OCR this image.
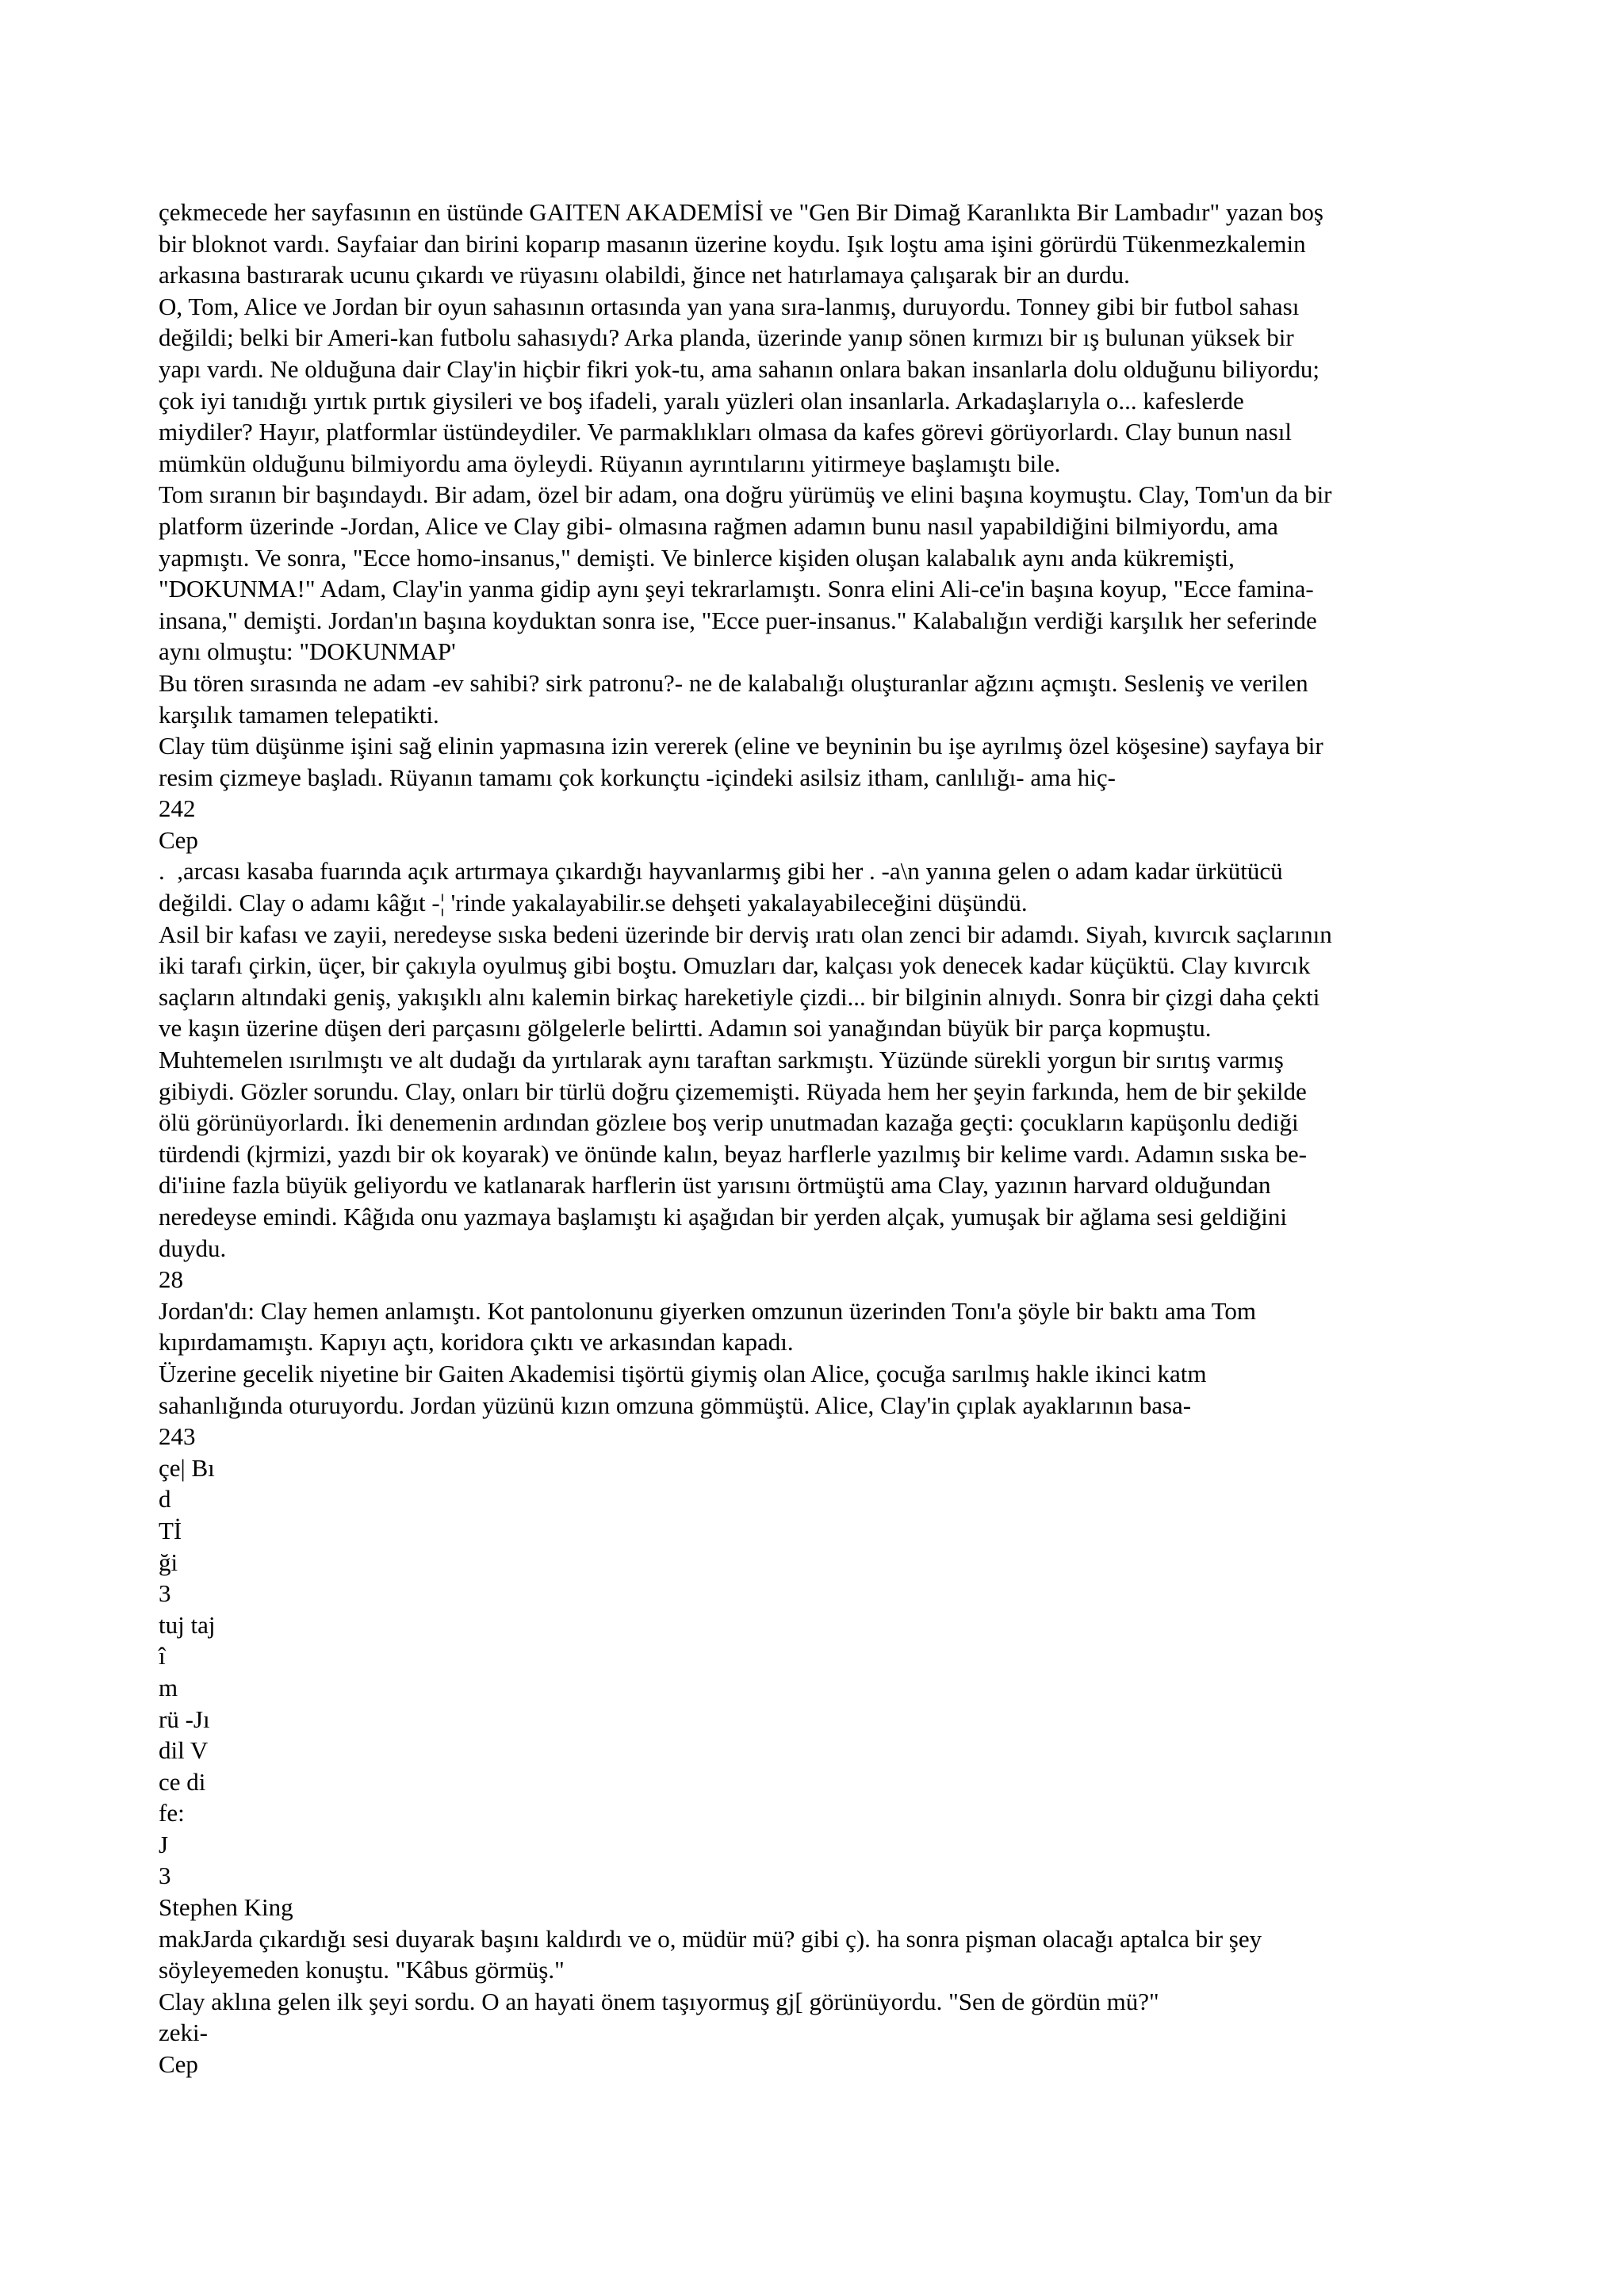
çekmecede her sayfasının en üstünde GAITEN AKADEMİSİ ve "Gen Bir Dimağ Karanlıkta Bir Lambadır" yazan boş
bir bloknot vardı. Sayfaiar dan birini koparıp masanın üzerine koydu. Işık loştu ama işini görürdü Tükenmezkalemin
arkasına bastırarak ucunu çıkardı ve rüyasını olabildi, ğince net hatırlamaya çalışarak bir an durdu.
O, Tom, Alice ve Jordan bir oyun sahasının ortasında yan yana sıra-lanmış, duruyordu. Tonney gibi bir futbol sahası
değildi; belki bir Ameri-kan futbolu sahasıydı? Arka planda, üzerinde yanıp sönen kırmızı bir ış bulunan yüksek bir
yapı vardı. Ne olduğuna dair Clay'in hiçbir fikri yok-tu, ama sahanın onlara bakan insanlarla dolu olduğunu biliyordu;
çok iyi tanıdığı yırtık pırtık giysileri ve boş ifadeli, yaralı yüzleri olan insanlarla. Arkadaşlarıyla o... kafeslerde
miydiler? Hayır, platformlar üstündeydiler. Ve parmaklıkları olmasa da kafes görevi görüyorlardı. Clay bunun nasıl
mümkün olduğunu bilmiyordu ama öyleydi. Rüyanın ayrıntılarını yitirmeye başlamıştı bile.
Tom sıranın bir başındaydı. Bir adam, özel bir adam, ona doğru yürümüş ve elini başına koymuştu. Clay, Tom'un da bir
platform üzerinde -Jordan, Alice ve Clay gibi- olmasına rağmen adamın bunu nasıl yapabildiğini bilmiyordu, ama
yapmıştı. Ve sonra, "Ecce homo-insanus," demişti. Ve binlerce kişiden oluşan kalabalık aynı anda kükremişti,
"DOKUNMA!" Adam, Clay'in yanma gidip aynı şeyi tekrarlamıştı. Sonra elini Ali-ce'in başına koyup, "Ecce famina-
insana," demişti. Jordan'ın başına koyduktan sonra ise, "Ecce puer-insanus." Kalabalığın verdiği karşılık her seferinde
aynı olmuştu: "DOKUNMAP'
Bu tören sırasında ne adam -ev sahibi? sirk patronu?- ne de kalabalığı oluşturanlar ağzını açmıştı. Sesleniş ve verilen
karşılık tamamen telepatikti.
Clay tüm düşünme işini sağ elinin yapmasına izin vererek (eline ve beyninin bu işe ayrılmış özel köşesine) sayfaya bir
resim çizmeye başladı. Rüyanın tamamı çok korkunçtu -içindeki asilsiz itham, canlılığı- ama hiç-
242
Cep
.  ,arcası kasaba fuarında açık artırmaya çıkardığı hayvanlarmış gibi her . -a\n yanına gelen o adam kadar ürkütücü
değildi. Clay o adamı kâğıt -¦ 'rinde yakalayabilir.se dehşeti yakalayabileceğini düşündü.
Asil bir kafası ve zayii, neredeyse sıska bedeni üzerinde bir derviş ıratı olan zenci bir adamdı. Siyah, kıvırcık saçlarının
iki tarafı çirkin, üçer, bir çakıyla oyulmuş gibi boştu. Omuzları dar, kalçası yok denecek kadar küçüktü. Clay kıvırcık
saçların altındaki geniş, yakışıklı alnı kalemin birkaç hareketiyle çizdi... bir bilginin alnıydı. Sonra bir çizgi daha çekti
ve kaşın üzerine düşen deri parçasını gölgelerle belirtti. Adamın soi yanağından büyük bir parça kopmuştu.
Muhtemelen ısırılmıştı ve alt dudağı da yırtılarak aynı taraftan sarkmıştı. Yüzünde sürekli yorgun bir sırıtış varmış
gibiydi. Gözler sorundu. Clay, onları bir türlü doğru çizememişti. Rüyada hem her şeyin farkında, hem de bir şekilde
ölü görünüyorlardı. İki denemenin ardından gözleıe boş verip unutmadan kazağa geçti: çocukların kapüşonlu dediği
türdendi (kjrmizi, yazdı bir ok koyarak) ve önünde kalın, beyaz harflerle yazılmış bir kelime vardı. Adamın sıska be-
di'iıine fazla büyük geliyordu ve katlanarak harflerin üst yarısını örtmüştü ama Clay, yazının harvard olduğundan
neredeyse emindi. Kâğıda onu yazmaya başlamıştı ki aşağıdan bir yerden alçak, yumuşak bir ağlama sesi geldiğini
duydu.
28
Jordan'dı: Clay hemen anlamıştı. Kot pantolonunu giyerken omzunun üzerinden Tonı'a şöyle bir baktı ama Tom
kıpırdamamıştı. Kapıyı açtı, koridora çıktı ve arkasından kapadı.
Üzerine gecelik niyetine bir Gaiten Akademisi tişörtü giymiş olan Alice, çocuğa sarılmış hakle ikinci katm
sahanlığında oturuyordu. Jordan yüzünü kızın omzuna gömmüştü. Alice, Clay'in çıplak ayaklarının basa-
243
çe| Bı
d
Tİ
ği
3
tuj taj
î
m
rü -Jı
dil V
ce di
fe:
J
3
Stephen King
makJarda çıkardığı sesi duyarak başını kaldırdı ve o, müdür mü? gibi ç). ha sonra pişman olacağı aptalca bir şey
söyleyemeden konuştu. "Kâbus görmüş."
Clay aklına gelen ilk şeyi sordu. O an hayati önem taşıyormuş gj[ görünüyordu. "Sen de gördün mü?"
zeki-
Cep
